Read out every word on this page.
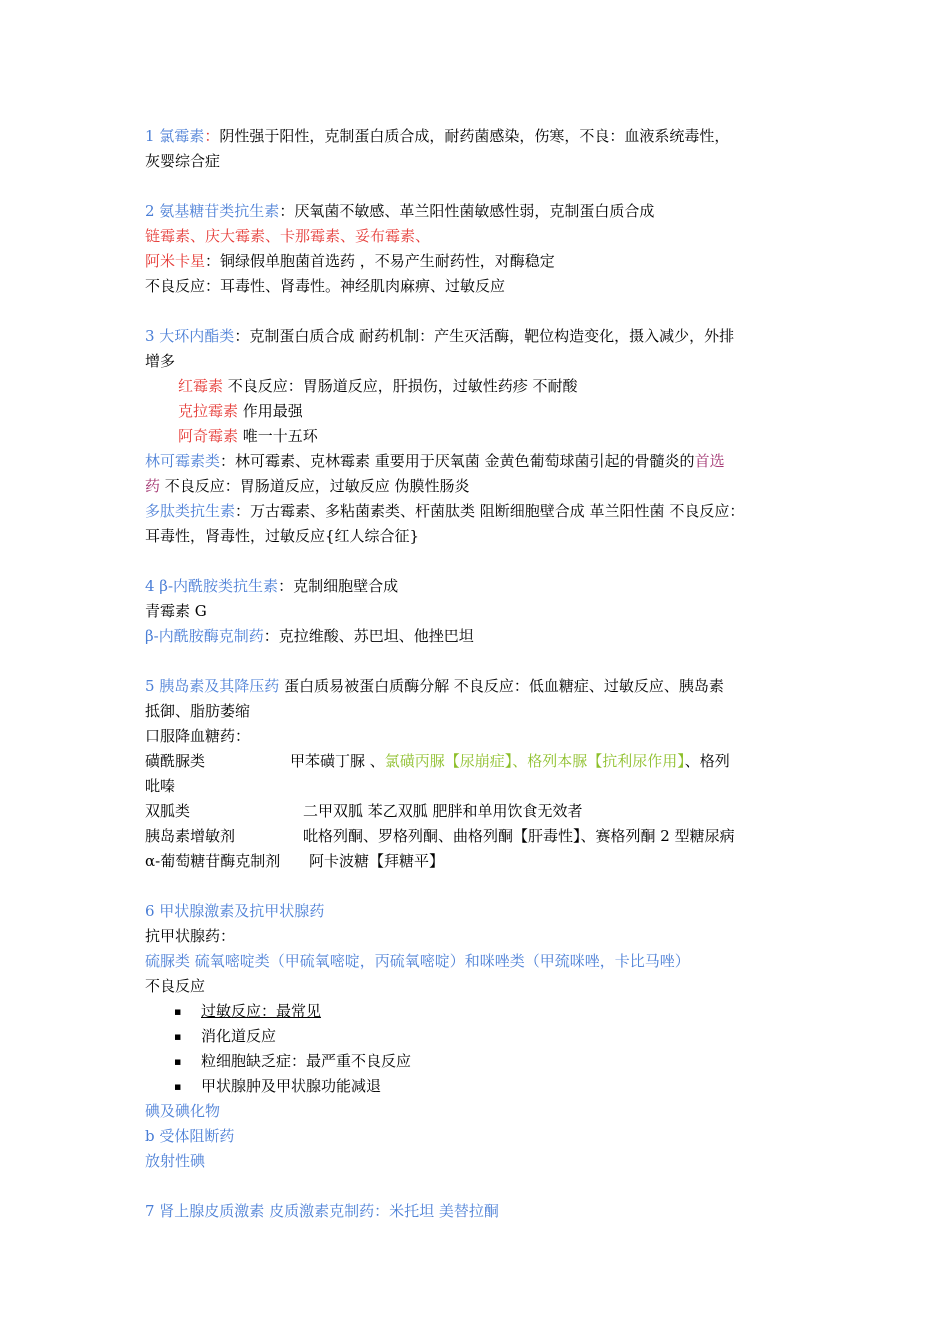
1 氯霉素：阴性强于阳性，克制蛋白质合成，耐药菌感染，伤寒，不良：血液系统毒性，
灰婴综合症
2 氨基糖苷类抗生素：厌氧菌不敏感、革兰阳性菌敏感性弱，克制蛋白质合成
链霉素、庆大霉素、卡那霉素、妥布霉素、
阿米卡星：铜绿假单胞菌首选药 ，不易产生耐药性，对酶稳定
不良反应：耳毒性、肾毒性。神经肌肉麻痹、过敏反应
3 大环内酯类：克制蛋白质合成 耐药机制：产生灭活酶，靶位构造变化，摄入减少，外排
增多
红霉素 不良反应：胃肠道反应，肝损伤，过敏性药疹 不耐酸
克拉霉素 作用最强
阿奇霉素 唯一十五环
林可霉素类：林可霉素、克林霉素 重要用于厌氧菌 金黄色葡萄球菌引起的骨髓炎的首选
药 不良反应：胃肠道反应，过敏反应 伪膜性肠炎
多肽类抗生素：万古霉素、多粘菌素类、杆菌肽类 阻断细胞壁合成 革兰阳性菌 不良反应：
耳毒性，肾毒性，过敏反应{红人综合征}
4 β-内酰胺类抗生素：克制细胞壁合成
青霉素 G
β-内酰胺酶克制药：克拉维酸、苏巴坦、他挫巴坦
5 胰岛素及其降压药 蛋白质易被蛋白质酶分解 不良反应：低血糖症、过敏反应、胰岛素
抵御、脂肪萎缩
口服降血糖药：
磺酰脲类	甲苯磺丁脲 、氯磺丙脲【尿崩症】、格列本脲【抗利尿作用】、格列
吡嗪
双胍类	二甲双胍 苯乙双胍 肥胖和单用饮食无效者
胰岛素增敏剂	吡格列酮、罗格列酮、曲格列酮【肝毒性】、赛格列酮 2 型糖尿病
α-葡萄糖苷酶克制剂 阿卡波糖【拜糖平】
6 甲状腺激素及抗甲状腺药
抗甲状腺药：
硫脲类 硫氧嘧啶类（甲硫氧嘧啶，丙硫氧嘧啶）和咪唑类（甲巯咪唑，卡比马唑）
不良反应
▪ 过敏反应：最常见
▪ 消化道反应
▪ 粒细胞缺乏症：最严重不良反应
▪ 甲状腺肿及甲状腺功能减退
碘及碘化物
b 受体阻断药
放射性碘
7 肾上腺皮质激素 皮质激素克制药：米托坦 美替拉酮
